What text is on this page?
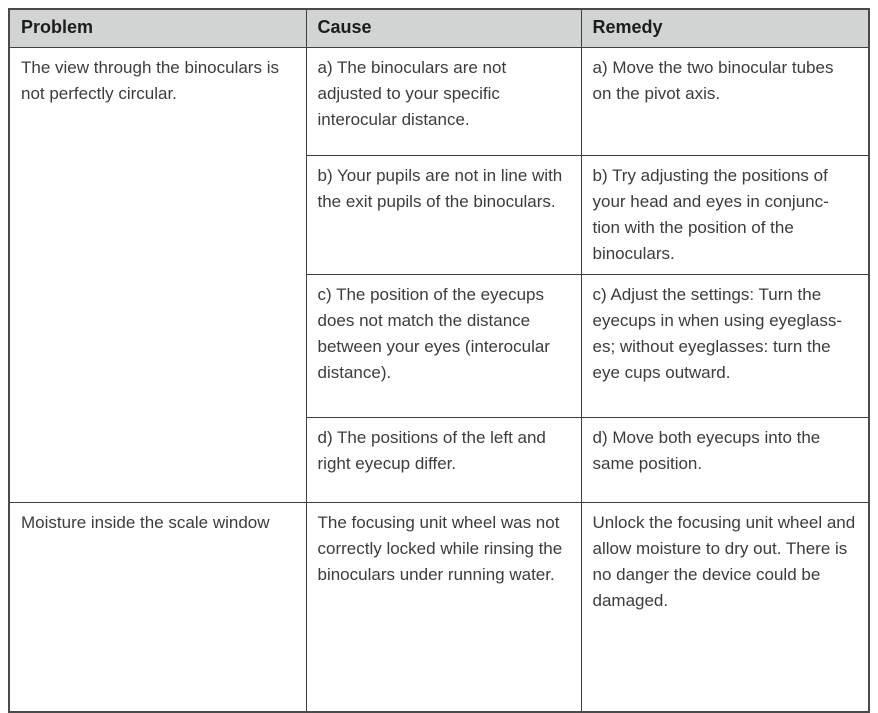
Problem	Cause	Remedy
The view through the binoculars is not perfectly circular.	a) The binoculars are not adjusted to your specific interocular distance.	a) Move the two binocular tubes on the pivot axis.
	b) Your pupils are not in line with the exit pupils of the binoculars.	b) Try adjusting the positions of your head and eyes in conjunc-tion with the position of the binoculars.
	c) The position of the eyecups does not match the distance between your eyes (interocular distance).	c) Adjust the settings: Turn the eyecups in when using eyeglass-es; without eyeglasses: turn the eye cups outward.
	d) The positions of the left and right eyecup differ.	d) Move both eyecups into the same position.
Moisture inside the scale window	The focusing unit wheel was not correctly locked while rinsing the binoculars under running water.	Unlock the focusing unit wheel and allow moisture to dry out. There is no danger the device could be damaged.
